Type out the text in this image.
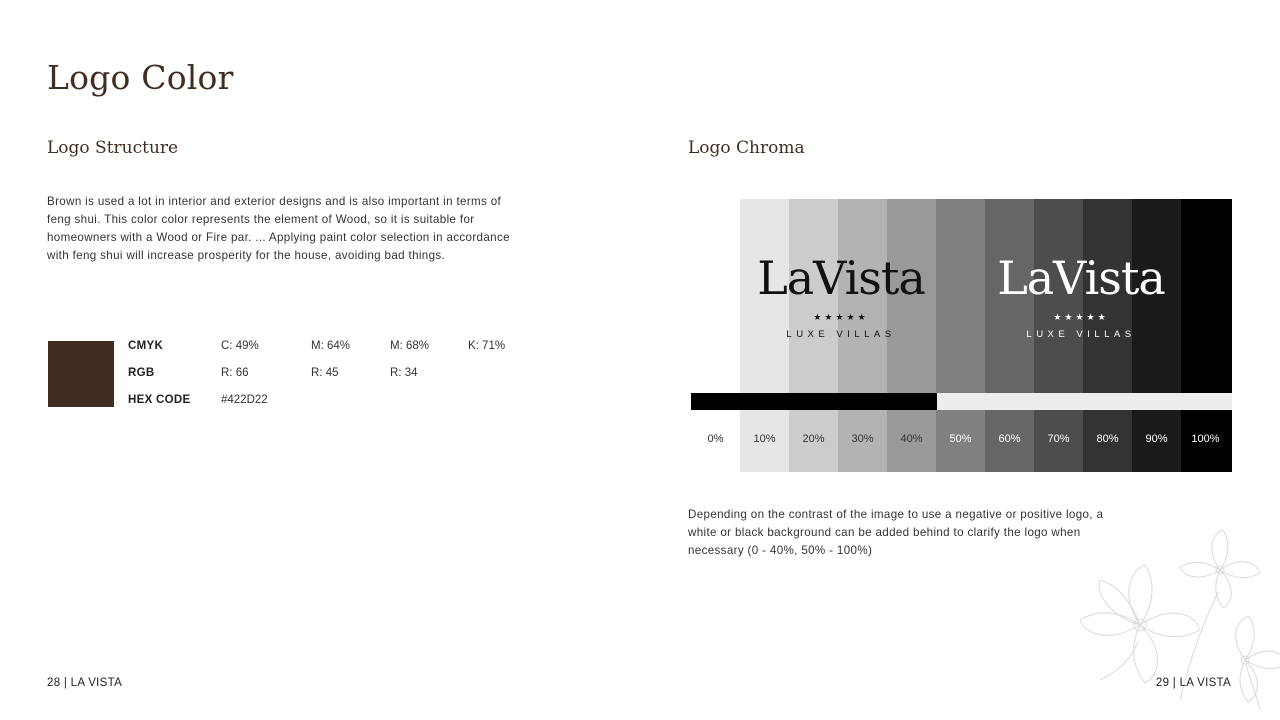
Logo Color
Logo Structure	Logo Chroma

Brown is used a lot in interior and exterior designs and is also important in terms of feng shui. This color color represents the element of Wood, so it is suitable for homeowners with a Wood or Fire par. ... Applying paint color selection in accordance with feng shui will increase prosperity for the house, avoiding bad things.

CMYK	C: 49%	M: 64%	M: 68%	K: 71%
RGB	R: 66	R: 45	R: 34
HEX CODE	#422D22
LaVista
★★★★★
LUXE VILLAS
LaVista
★★★★★
LUXE VILLAS
0%	10%	20%	30%	40%	50%	60%	70%	80%	90%	100%

Depending on the contrast of the image to use a negative or positive logo, a white or black background can be added behind to clarify the logo when necessary (0 - 40%, 50% - 100%)

28 | LA VISTA	29 | LA VISTA
